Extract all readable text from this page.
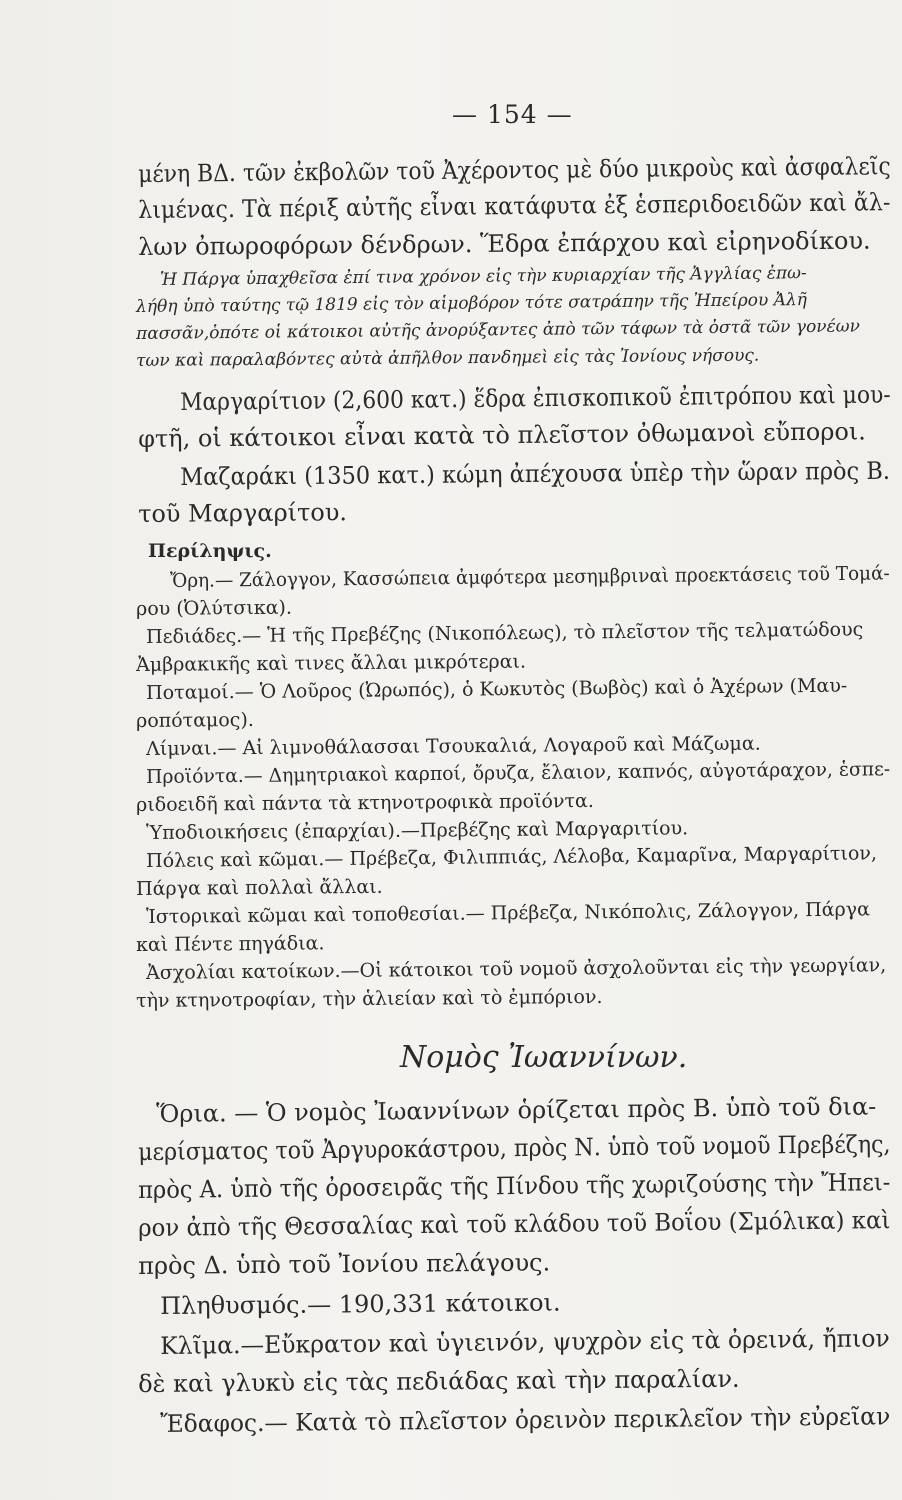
— 154 —
μένη ΒΔ. τῶν ἐκβολῶν τοῦ Ἀχέροντος μὲ δύο μικροὺς καὶ ἀσφαλεῖς
λιμένας. Τὰ πέριξ αὐτῆς εἶναι κατάφυτα ἐξ ἑσπεριδοειδῶν καὶ ἄλ-
λων ὀπωροφόρων δένδρων. Ἕδρα ἐπάρχου καὶ εἰρηνοδίκου.
Ἡ Πάργα ὑπαχθεῖσα ἐπί τινα χρόνον εἰς τὴν κυριαρχίαν τῆς Ἀγγλίας ἐπω-
λήθη ὑπὸ ταύτης τῷ 1819 εἰς τὸν αἱμοβόρον τότε σατράπην τῆς Ἠπείρου Ἀλῆ
πασσᾶν,ὁπότε οἱ κάτοικοι αὐτῆς ἀνορύξαντες ἀπὸ τῶν τάφων τὰ ὀστᾶ τῶν γονέων
των καὶ παραλαβόντες αὐτὰ ἀπῆλθον πανδημεὶ εἰς τὰς Ἰονίους νήσους.
Μαργαρίτιον (2,600 κατ.) ἕδρα ἐπισκοπικοῦ ἐπιτρόπου καὶ μου-
φτῆ, οἱ κάτοικοι εἶναι κατὰ τὸ πλεῖστον ὀθωμανοὶ εὔποροι.
Μαζαράκι (1350 κατ.) κώμη ἀπέχουσα ὑπὲρ τὴν ὥραν πρὸς Β.
τοῦ Μαργαρίτου.
Περίληψις.
Ὄρη.— Ζάλογγον, Κασσώπεια ἀμφότερα μεσημβριναὶ προεκτάσεις τοῦ Τομά-
ρου (Ὀλύτσικα).
Πεδιάδες.— Ἡ τῆς Πρεβέζης (Νικοπόλεως), τὸ πλεῖστον τῆς τελματώδους
Ἀμβρακικῆς καὶ τινες ἄλλαι μικρότεραι.
Ποταμοί.— Ὁ Λοῦρος (Ὠρωπός), ὁ Κωκυτὸς (Βωβὸς) καὶ ὁ Ἀχέρων (Μαυ-
ροπόταμος).
Λίμναι.— Αἱ λιμνοθάλασσαι Τσουκαλιά, Λογαροῦ καὶ Μάζωμα.
Προϊόντα.— Δημητριακοὶ καρποί, ὄρυζα, ἔλαιον, καπνός, αὐγοτάραχον, ἑσπε-
ριδοειδῆ καὶ πάντα τὰ κτηνοτροφικὰ προϊόντα.
Ὑποδιοικήσεις (ἐπαρχίαι).—Πρεβέζης καὶ Μαργαριτίου.
Πόλεις καὶ κῶμαι.— Πρέβεζα, Φιλιππιάς, Λέλοβα, Καμαρῖνα, Μαργαρίτιον,
Πάργα καὶ πολλαὶ ἄλλαι.
Ἱστορικαὶ κῶμαι καὶ τοποθεσίαι.— Πρέβεζα, Νικόπολις, Ζάλογγον, Πάργα
καὶ Πέντε πηγάδια.
Ἀσχολίαι κατοίκων.—Οἱ κάτοικοι τοῦ νομοῦ ἀσχολοῦνται εἰς τὴν γεωργίαν,
τὴν κτηνοτροφίαν, τὴν ἁλιείαν καὶ τὸ ἐμπόριον.
Νομὸς Ἰωαννίνων.
Ὅρια. — Ὁ νομὸς Ἰωαννίνων ὁρίζεται πρὸς Β. ὑπὸ τοῦ δια-
μερίσματος τοῦ Ἀργυροκάστρου, πρὸς Ν. ὑπὸ τοῦ νομοῦ Πρεβέζης,
πρὸς Α. ὑπὸ τῆς ὀροσειρᾶς τῆς Πίνδου τῆς χωριζούσης τὴν Ἤπει-
ρον ἀπὸ τῆς Θεσσαλίας καὶ τοῦ κλάδου τοῦ Βοΐου (Σμόλικα) καὶ
πρὸς Δ. ὑπὸ τοῦ Ἰονίου πελάγους.
Πληθυσμός.— 190,331 κάτοικοι.
Κλῖμα.—Εὔκρατον καὶ ὑγιεινόν, ψυχρὸν εἰς τὰ ὀρεινά, ἤπιον
δὲ καὶ γλυκὺ εἰς τὰς πεδιάδας καὶ τὴν παραλίαν.
Ἔδαφος.— Κατὰ τὸ πλεῖστον ὀρεινὸν περικλεῖον τὴν εὐρεῖαν
